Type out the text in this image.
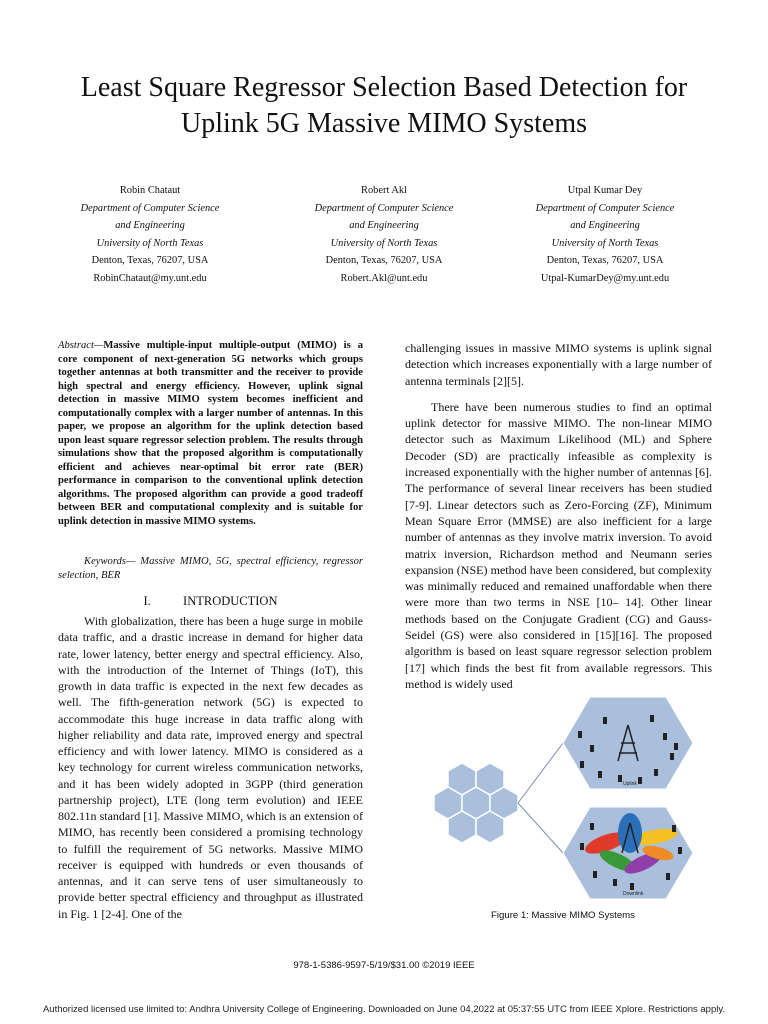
Least Square Regressor Selection Based Detection for
Uplink 5G Massive MIMO Systems
Robin Chataut
Department of Computer Science
and Engineering
University of North Texas
Denton, Texas, 76207, USA
RobinChataut@my.unt.edu
Robert Akl
Department of Computer Science
and Engineering
University of North Texas
Denton, Texas, 76207, USA
Robert.Akl@unt.edu
Utpal Kumar Dey
Department of Computer Science
and Engineering
University of North Texas
Denton, Texas, 76207, USA
Utpal-KumarDey@my.unt.edu

Abstract—Massive multiple-input multiple-output (MIMO) is a core component of next-generation 5G networks which groups together antennas at both transmitter and the receiver to provide high spectral and energy efficiency. However, uplink signal detection in massive MIMO system becomes inefficient and computationally complex with a larger number of antennas. In this paper, we propose an algorithm for the uplink detection based upon least square regressor selection problem. The results through simulations show that the proposed algorithm is computationally efficient and achieves near-optimal bit error rate (BER) performance in comparison to the conventional uplink detection algorithms. The proposed algorithm can provide a good tradeoff between BER and computational complexity and is suitable for uplink detection in massive MIMO systems.

Keywords— Massive MIMO, 5G, spectral efficiency, regressor selection, BER

I.	INTRODUCTION

With globalization, there has been a huge surge in mobile data traffic, and a drastic increase in demand for higher data rate, lower latency, better energy and spectral efficiency. Also, with the introduction of the Internet of Things (IoT), this growth in data traffic is expected in the next few decades as well. The fifth-generation network (5G) is expected to accommodate this huge increase in data traffic along with higher reliability and data rate, improved energy and spectral efficiency and with lower latency. MIMO is considered as a key technology for current wireless communication networks, and it has been widely adopted in 3GPP (third generation partnership project), LTE (long term evolution) and IEEE 802.11n standard [1]. Massive MIMO, which is an extension of MIMO, has recently been considered a promising technology to fulfill the requirement of 5G networks. Massive MIMO receiver is equipped with hundreds or even thousands of antennas, and it can serve tens of user simultaneously to provide better spectral efficiency and throughput as illustrated in Fig. 1 [2-4]. One of the

challenging issues in massive MIMO systems is uplink signal detection which increases exponentially with a large number of antenna terminals [2][5].

There have been numerous studies to find an optimal uplink detector for massive MIMO. The non-linear MIMO detector such as Maximum Likelihood (ML) and Sphere Decoder (SD) are practically infeasible as complexity is increased exponentially with the higher number of antennas [6]. The performance of several linear receivers has been studied [7-9]. Linear detectors such as Zero-Forcing (ZF), Minimum Mean Square Error (MMSE) are also inefficient for a large number of antennas as they involve matrix inversion. To avoid matrix inversion, Richardson method and Neumann series expansion (NSE) method have been considered, but complexity was minimally reduced and remained unaffordable when there were more than two terms in NSE [10– 14]. Other linear methods based on the Conjugate Gradient (CG) and Gauss-Seidel (GS) were also considered in [15][16]. The proposed algorithm is based on least square regressor selection problem [17] which finds the best fit from available regressors. This method is widely used

Uplink
Downlink
Figure 1: Massive MIMO Systems
978-1-5386-9597-5/19/$31.00 ©2019 IEEE
Authorized licensed use limited to: Andhra University College of Engineering. Downloaded on June 04,2022 at 05:37:55 UTC from IEEE Xplore. Restrictions apply.
